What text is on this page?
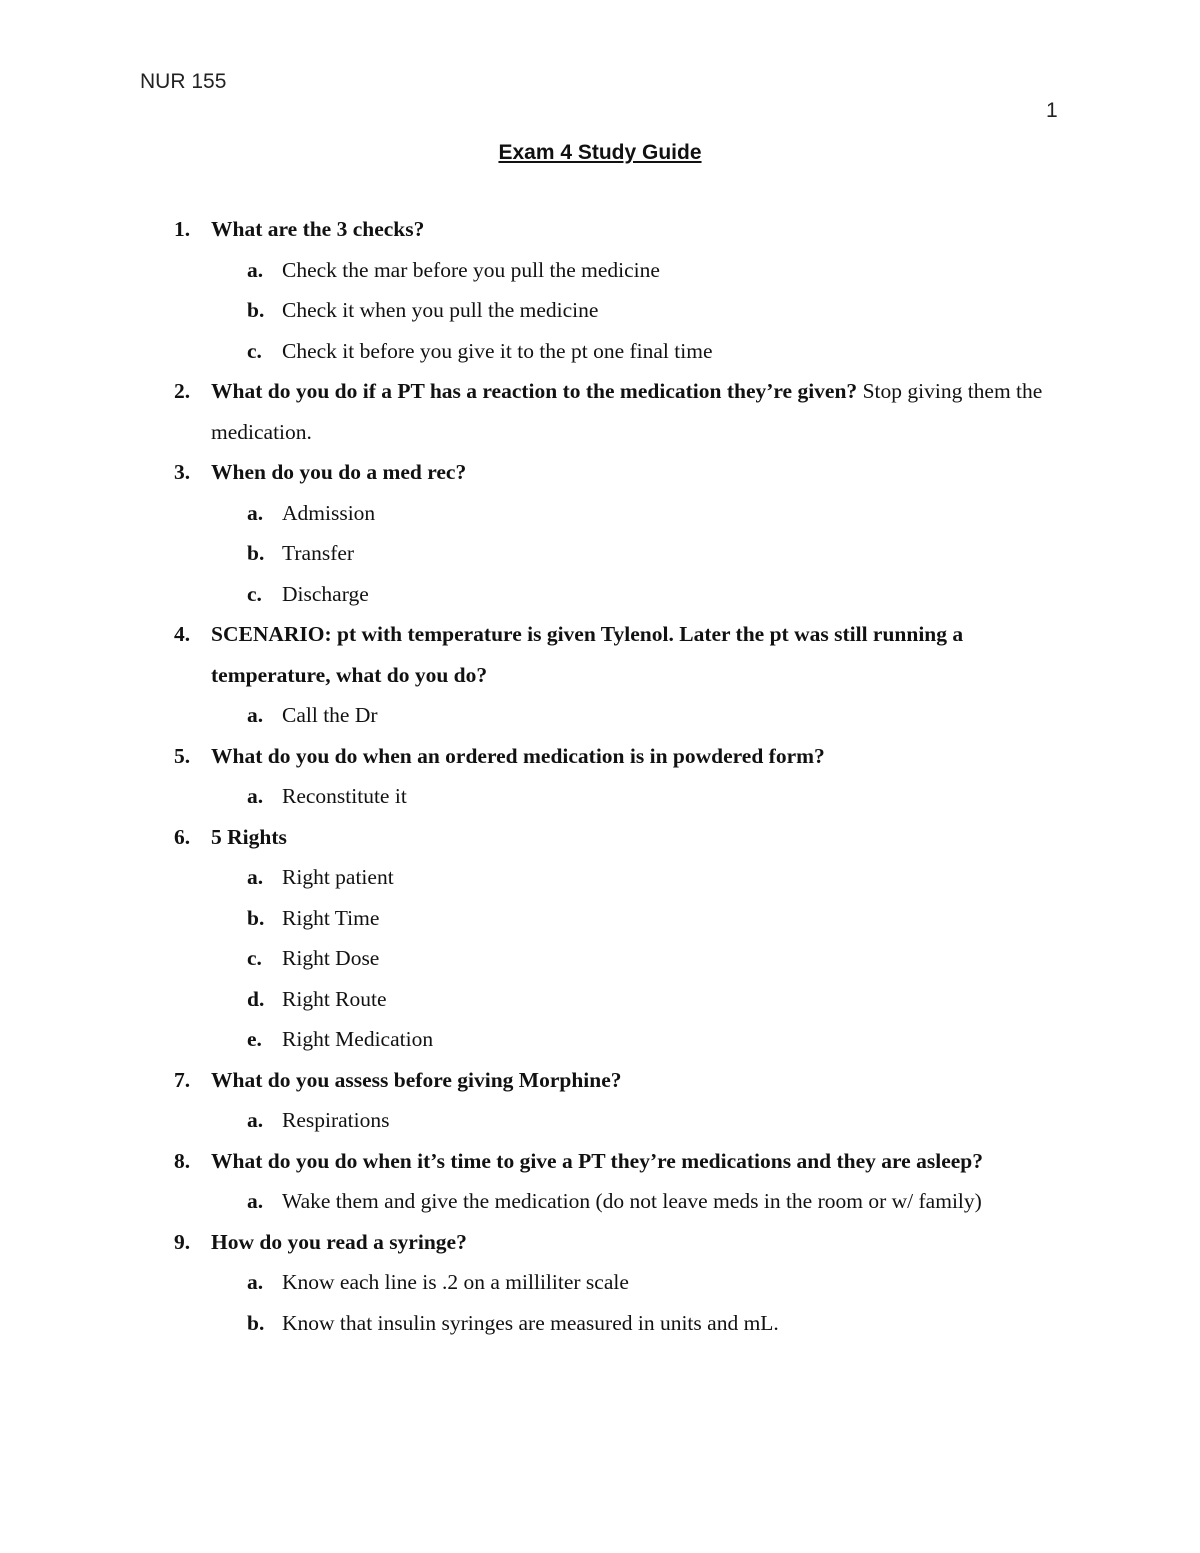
NUR 155
1
Exam 4 Study Guide
1. What are the 3 checks?
a. Check the mar before you pull the medicine
b. Check it when you pull the medicine
c. Check it before you give it to the pt one final time
2. What do you do if a PT has a reaction to the medication they’re given? Stop giving them the medication.
3. When do you do a med rec?
a. Admission
b. Transfer
c. Discharge
4. SCENARIO: pt with temperature is given Tylenol. Later the pt was still running a temperature, what do you do?
a. Call the Dr
5. What do you do when an ordered medication is in powdered form?
a. Reconstitute it
6. 5 Rights
a. Right patient
b. Right Time
c. Right Dose
d. Right Route
e. Right Medication
7. What do you assess before giving Morphine?
a. Respirations
8. What do you do when it’s time to give a PT they’re medications and they are asleep?
a. Wake them and give the medication (do not leave meds in the room or w/ family)
9. How do you read a syringe?
a. Know each line is .2 on a milliliter scale
b. Know that insulin syringes are measured in units and mL.
